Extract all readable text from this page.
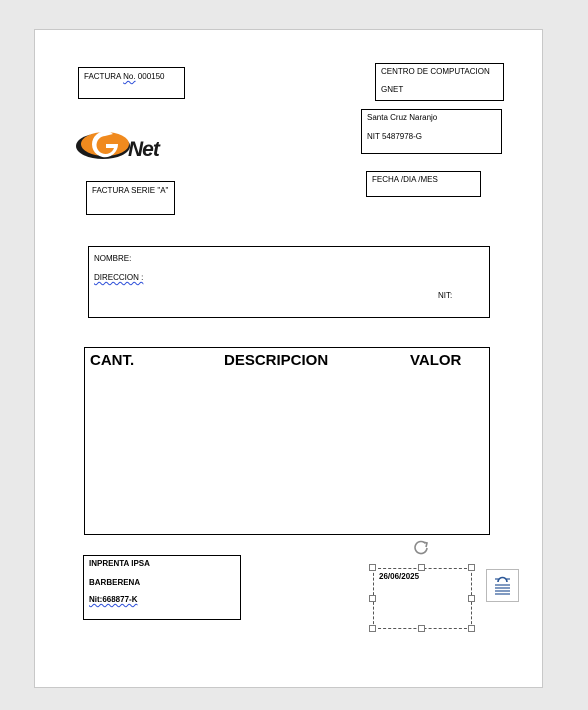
FACTURA No. 000150
CENTRO DE COMPUTACION
GNET
Santa Cruz Naranjo
NIT 5487978-G
Net
FACTURA SERIE "A"
FECHA /DIA /MES
NOMBRE:
DIRECCION :
NIT:
CANT.	DESCRIPCION	VALOR
INPRENTA IPSA
BARBERENA
Nit:668877-K
26/06/2025
